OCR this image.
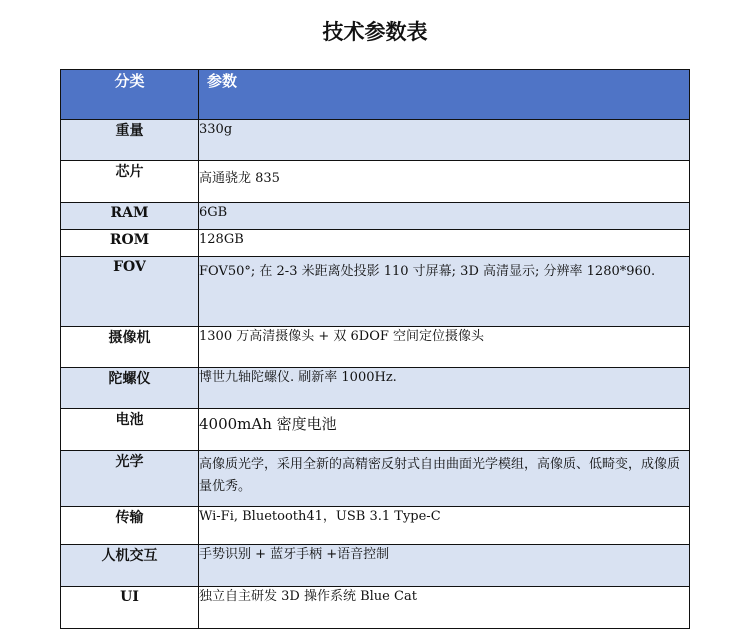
技术参数表
分类	参数
重量	330g
芯片	高通骁龙 835
RAM	6GB
ROM	128GB
FOV	FOV50°; 在 2-3 米距离处投影 110 寸屏幕; 3D 高清显示; 分辨率 1280*960.
摄像机	1300 万高清摄像头 + 双 6DOF 空间定位摄像头
陀螺仪	博世九轴陀螺仪. 刷新率 1000Hz.
电池	4000mAh 密度电池
光学	高像质光学，采用全新的高精密反射式自由曲面光学模组，高像质、低畸变，成像质量优秀。
传输	Wi-Fi, Bluetooth41，USB 3.1 Type-C
人机交互	手势识别 + 蓝牙手柄 +语音控制
UI	独立自主研发 3D 操作系统 Blue Cat
